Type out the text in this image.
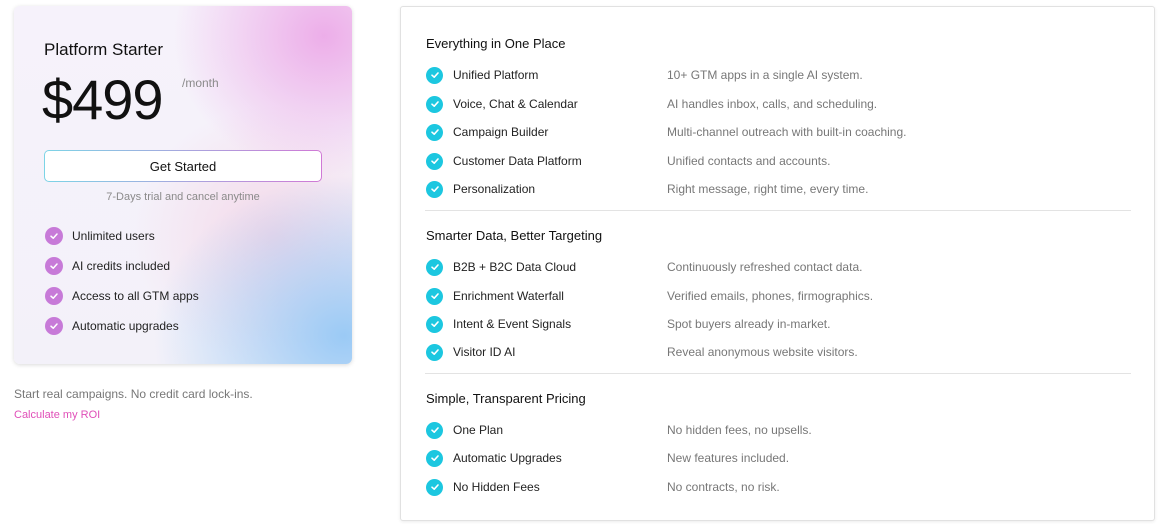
Platform Starter
$499 /month
Get Started
7-Days trial and cancel anytime
Unlimited users
AI credits included
Access to all GTM apps
Automatic upgrades
Start real campaigns. No credit card lock-ins.
Calculate my ROI
Everything in One Place
Unified Platform	10+ GTM apps in a single AI system.
Voice, Chat & Calendar	AI handles inbox, calls, and scheduling.
Campaign Builder	Multi-channel outreach with built-in coaching.
Customer Data Platform	Unified contacts and accounts.
Personalization	Right message, right time, every time.
Smarter Data, Better Targeting
B2B + B2C Data Cloud	Continuously refreshed contact data.
Enrichment Waterfall	Verified emails, phones, firmographics.
Intent & Event Signals	Spot buyers already in-market.
Visitor ID AI	Reveal anonymous website visitors.
Simple, Transparent Pricing
One Plan	No hidden fees, no upsells.
Automatic Upgrades	New features included.
No Hidden Fees	No contracts, no risk.
